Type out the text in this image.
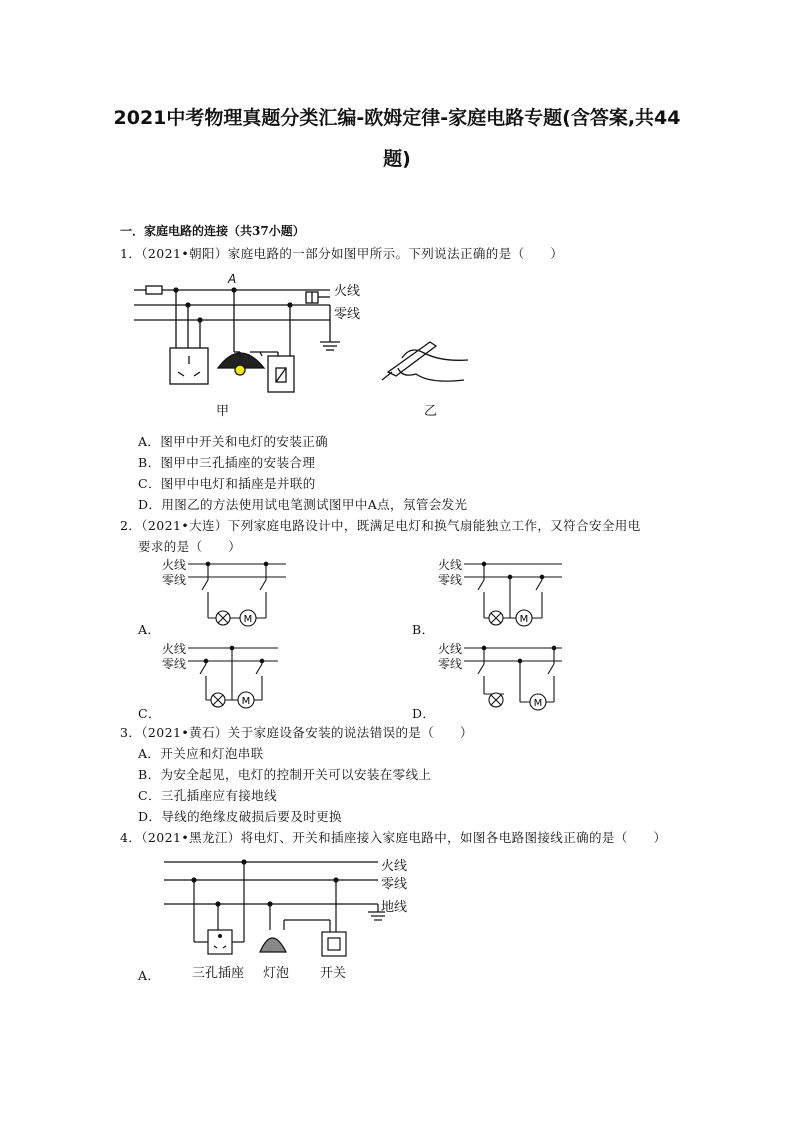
2021中考物理真题分类汇编-欧姆定律-家庭电路专题(含答案,共44
题)
一．家庭电路的连接（共37小题）
1．（2021•朝阳）家庭电路的一部分如图甲所示。下列说法正确的是（　　）
A
火线
零线
甲	乙
A．图甲中开关和电灯的安装正确
B．图甲中三孔插座的安装合理
C．图甲中电灯和插座是并联的
D．用图乙的方法使用试电笔测试图甲中A点，氖管会发光
2．（2021•大连）下列家庭电路设计中，既满足电灯和换气扇能独立工作，又符合安全用电
要求的是（　　）
火线
零线
M
A．
火线
零线
M
B．
火线
零线
M
C．
火线
零线
M
D．
3．（2021•黄石）关于家庭设备安装的说法错误的是（　　）
A．开关应和灯泡串联
B．为安全起见，电灯的控制开关可以安装在零线上
C．三孔插座应有接地线
D．导线的绝缘皮破损后要及时更换
4．（2021•黑龙江）将电灯、开关和插座接入家庭电路中，如图各电路图接线正确的是（　　）
火线
零线
地线
三孔插座 灯泡 开关
A．
